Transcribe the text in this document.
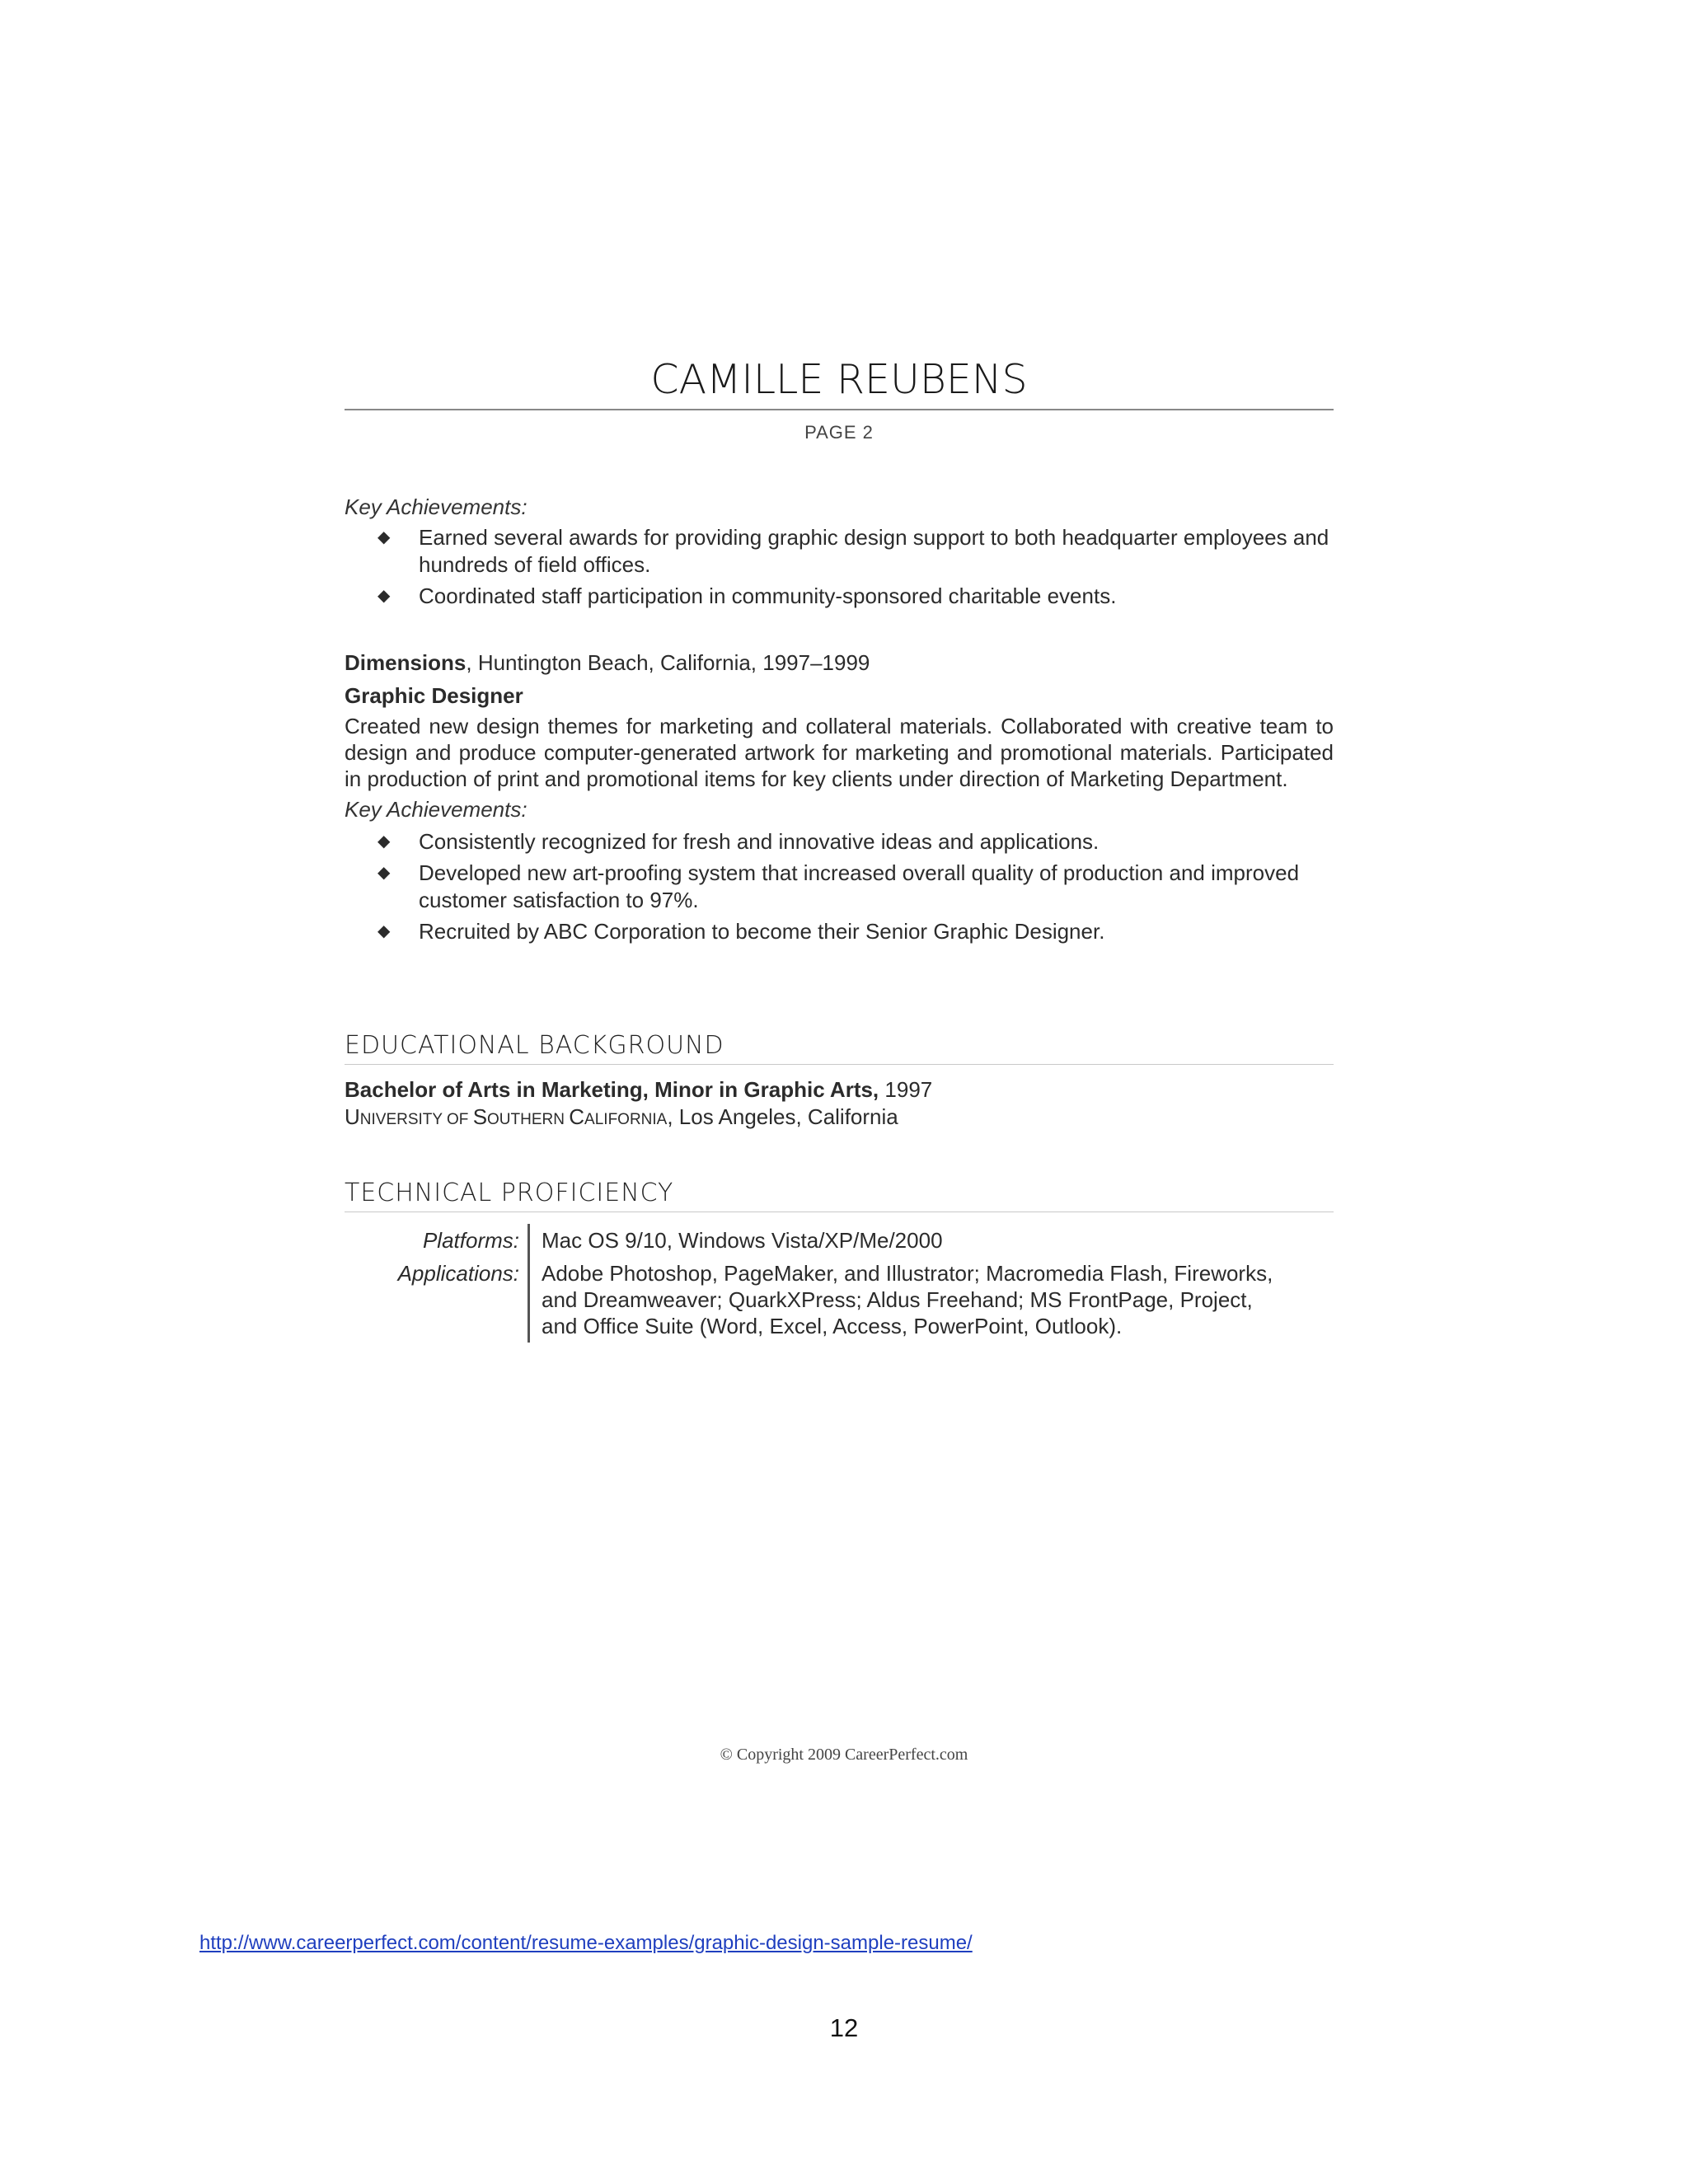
CAMILLE REUBENS
PAGE 2
Key Achievements:
◆ Earned several awards for providing graphic design support to both headquarter employees and hundreds of field offices.
◆ Coordinated staff participation in community-sponsored charitable events.
Dimensions, Huntington Beach, California, 1997–1999
Graphic Designer
Created new design themes for marketing and collateral materials. Collaborated with creative team to design and produce computer-generated artwork for marketing and promotional materials. Participated in production of print and promotional items for key clients under direction of Marketing Department.
Key Achievements:
◆ Consistently recognized for fresh and innovative ideas and applications.
◆ Developed new art-proofing system that increased overall quality of production and improved customer satisfaction to 97%.
◆ Recruited by ABC Corporation to become their Senior Graphic Designer.
EDUCATIONAL BACKGROUND
Bachelor of Arts in Marketing, Minor in Graphic Arts, 1997
UNIVERSITY OF SOUTHERN CALIFORNIA, Los Angeles, California
TECHNICAL PROFICIENCY
Platforms:	Mac OS 9/10, Windows Vista/XP/Me/2000
Applications:	Adobe Photoshop, PageMaker, and Illustrator; Macromedia Flash, Fireworks, and Dreamweaver; QuarkXPress; Aldus Freehand; MS FrontPage, Project, and Office Suite (Word, Excel, Access, PowerPoint, Outlook).
© Copyright 2009 CareerPerfect.com
http://www.careerperfect.com/content/resume-examples/graphic-design-sample-resume/
12
